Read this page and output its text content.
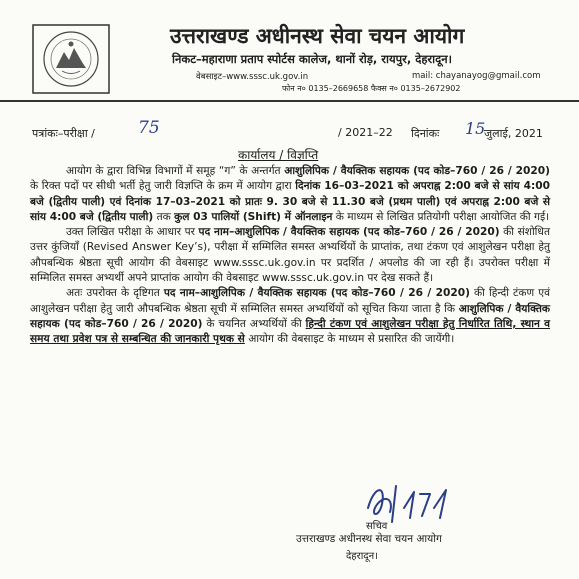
उत्तराखण्ड अधीनस्थ सेवा चयन आयोग
निकट–महाराणा प्रताप स्पोर्टस कालेज, थानों रोड़, रायपुर, देहरादून।
वेबसाइट–www.sssc.uk.gov.in	mail: chayanayog@gmail.com
फोन न० 0135–2669658 फैक्स न० 0135–2672902
पत्रांकः–परीक्षा /	75	/ 2021–22 दिनांकः 15
जुलाई, 2021
कार्यालय / विज्ञप्ति

आयोग के द्वारा विभिन्न विभागों में समूह “ग” के अन्तर्गत आशुलिपिक / वैयक्तिक सहायक (पद कोड–760 / 26 / 2020) के रिक्त पदों पर सीधी भर्ती हेतु जारी विज्ञप्ति के क्रम में आयोग द्वारा दिनांक 16–03–2021 को अपराह्न 2:00 बजे से सांय 4:00 बजे (द्वितीय पाली) एवं दिनांक 17–03–2021 को प्रातः 9. 30 बजे से 11.30 बजे (प्रथम पाली) एवं अपराह्न 2:00 बजे से सांय 4:00 बजे (द्वितीय पाली) तक कुल 03 पालियों (Shift) में ऑनलाइन के माध्यम से लिखित प्रतियोगी परीक्षा आयोजित की गई।

उक्त लिखित परीक्षा के आधार पर पद नाम–आशुलिपिक / वैयक्तिक सहायक (पद कोड–760 / 26 / 2020) की संशोधित उत्तर कुंजियाँ (Revised Answer Key’s), परीक्षा में सम्मिलित समस्त अभ्यर्थियों के प्राप्तांक, तथा टंकण एवं आशुलेखन परीक्षा हेतु औपबन्धिक श्रेष्ठता सूची आयोग की वेबसाइट www.sssc.uk.gov.in पर प्रदर्शित / अपलोड की जा रही हैं। उपरोक्त परीक्षा में सम्मिलित समस्त अभ्यर्थी अपने प्राप्तांक आयोग की वेबसाइट www.sssc.uk.gov.in पर देख सकते हैं।

अतः उपरोक्त के दृष्टिगत पद नाम–आशुलिपिक / वैयक्तिक सहायक (पद कोड–760 / 26 / 2020) की हिन्दी टंकण एवं आशुलेखन परीक्षा हेतु जारी औपबन्धिक श्रेष्ठता सूची में सम्मिलित समस्त अभ्यर्थियों को सूचित किया जाता है कि आशुलिपिक / वैयक्तिक सहायक (पद कोड–760 / 26 / 2020) के चयनित अभ्यर्थियों की हिन्दी टंकण एवं आशुलेखन परीक्षा हेतु निर्धारित तिथि, स्थान व समय तथा प्रवेश पत्र से सम्बन्धित की जानकारी पृथक से आयोग की वेबसाइट के माध्यम से प्रसारित की जायेंगी।

सचिव
उत्तराखण्ड अधीनस्थ सेवा चयन आयोग
देहरादून।
